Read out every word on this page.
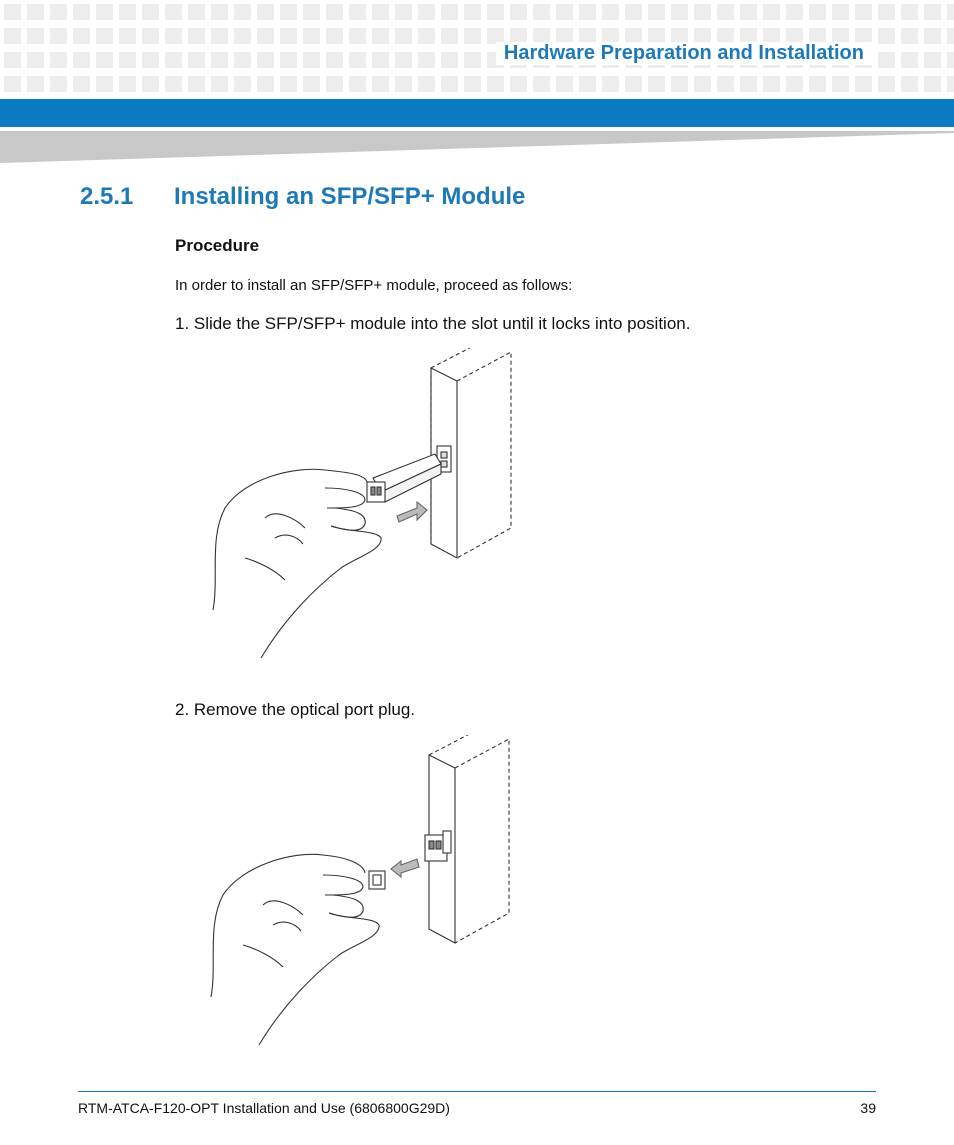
Hardware Preparation and Installation
2.5.1	Installing an SFP/SFP+ Module
Procedure
In order to install an SFP/SFP+ module, proceed as follows:
1. Slide the SFP/SFP+ module into the slot until it locks into position.
2. Remove the optical port plug.
RTM-ATCA-F120-OPT Installation and Use (6806800G29D)	39
